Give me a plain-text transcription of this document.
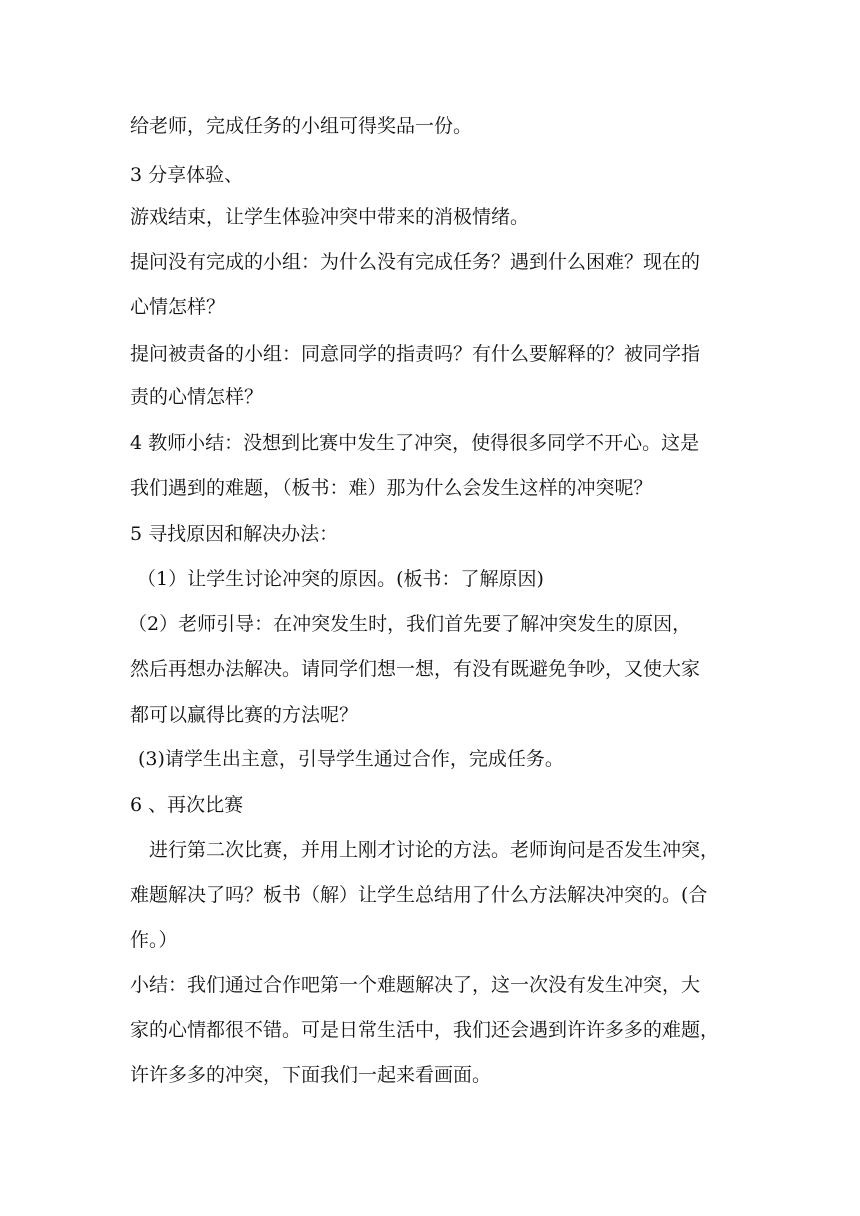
给老师，完成任务的小组可得奖品一份。
3 分享体验、
游戏结束，让学生体验冲突中带来的消极情绪。
提问没有完成的小组：为什么没有完成任务？遇到什么困难？现在的
心情怎样？
提问被责备的小组：同意同学的指责吗？有什么要解释的？被同学指
责的心情怎样？
4 教师小结：没想到比赛中发生了冲突，使得很多同学不开心。这是
我们遇到的难题，（板书：难）那为什么会发生这样的冲突呢？
5 寻找原因和解决办法：
（1）让学生讨论冲突的原因。(板书：了解原因)
（2）老师引导：在冲突发生时，我们首先要了解冲突发生的原因，
然后再想办法解决。请同学们想一想，有没有既避免争吵，又使大家
都可以赢得比赛的方法呢？
(3)请学生出主意，引导学生通过合作，完成任务。
6 、再次比赛
进行第二次比赛，并用上刚才讨论的方法。老师询问是否发生冲突，
难题解决了吗？板书（解）让学生总结用了什么方法解决冲突的。(合
作。）
小结：我们通过合作吧第一个难题解决了，这一次没有发生冲突，大
家的心情都很不错。可是日常生活中，我们还会遇到许许多多的难题，
许许多多的冲突，下面我们一起来看画面。
